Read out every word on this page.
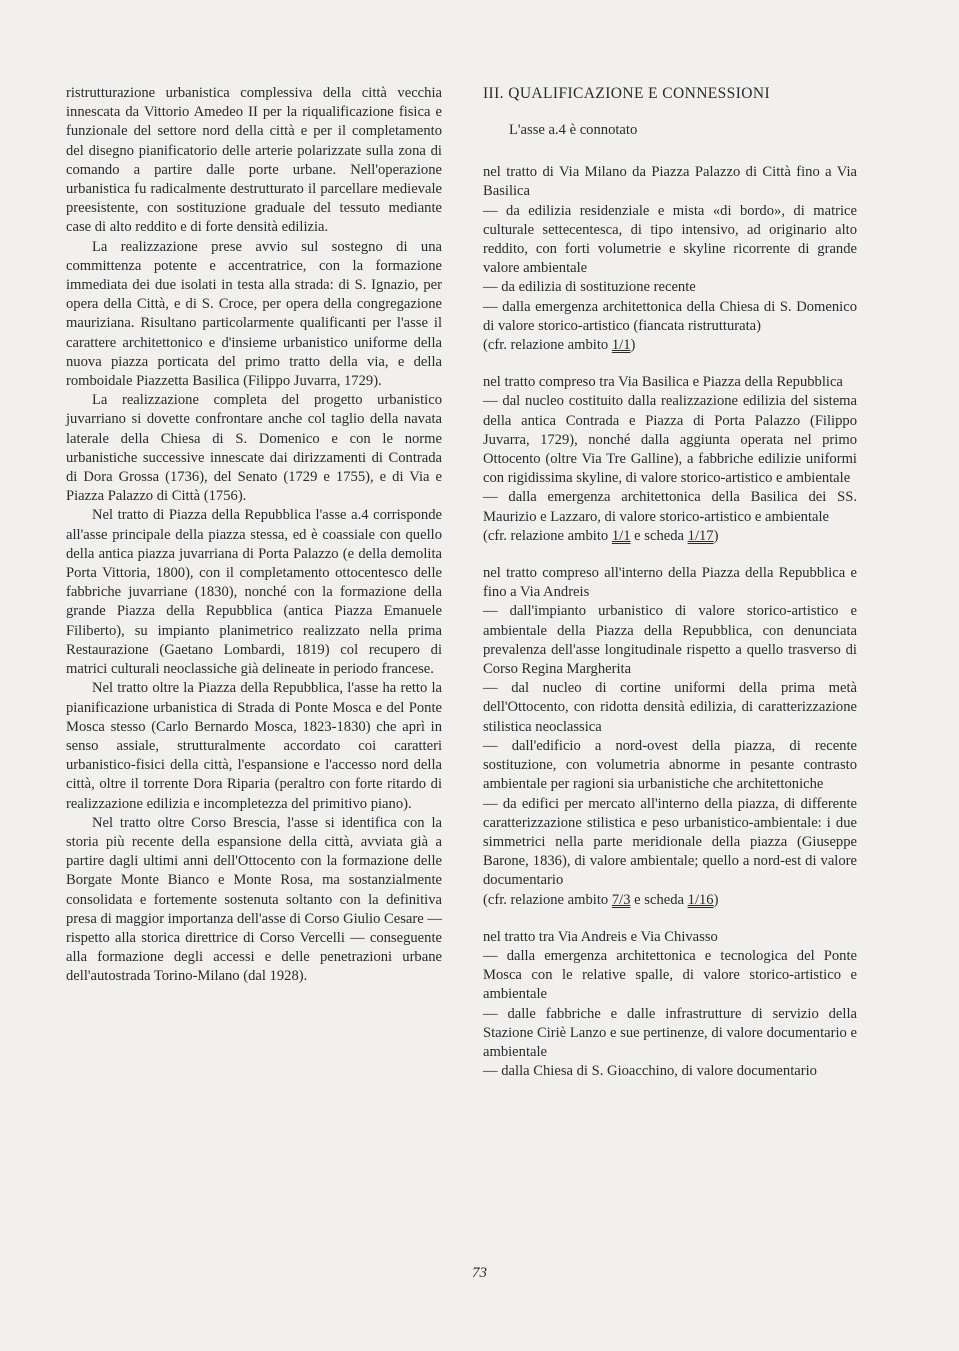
ristrutturazione urbanistica complessiva della città vecchia innescata da Vittorio Amedeo II per la riqualificazione fisica e funzionale del settore nord della città e per il completamento del disegno pianificatorio delle arterie polarizzate sulla zona di comando a partire dalle porte urbane. Nell'operazione urbanistica fu radicalmente destrutturato il parcellare medievale preesistente, con sostituzione graduale del tessuto mediante case di alto reddito e di forte densità edilizia.

La realizzazione prese avvio sul sostegno di una committenza potente e accentratrice, con la formazione immediata dei due isolati in testa alla strada: di S. Ignazio, per opera della Città, e di S. Croce, per opera della congregazione mauriziana. Risultano particolarmente qualificanti per l'asse il carattere architettonico e d'insieme urbanistico uniforme della nuova piazza porticata del primo tratto della via, e della romboidale Piazzetta Basilica (Filippo Juvarra, 1729).

La realizzazione completa del progetto urbanistico juvarriano si dovette confrontare anche col taglio della navata laterale della Chiesa di S. Domenico e con le norme urbanistiche successive innescate dai dirizzamenti di Contrada di Dora Grossa (1736), del Senato (1729 e 1755), e di Via e Piazza Palazzo di Città (1756).

Nel tratto di Piazza della Repubblica l'asse a.4 corrisponde all'asse principale della piazza stessa, ed è coassiale con quello della antica piazza juvarriana di Porta Palazzo (e della demolita Porta Vittoria, 1800), con il completamento ottocentesco delle fabbriche juvarriane (1830), nonché con la formazione della grande Piazza della Repubblica (antica Piazza Emanuele Filiberto), su impianto planimetrico realizzato nella prima Restaurazione (Gaetano Lombardi, 1819) col recupero di matrici culturali neoclassiche già delineate in periodo francese.

Nel tratto oltre la Piazza della Repubblica, l'asse ha retto la pianificazione urbanistica di Strada di Ponte Mosca e del Ponte Mosca stesso (Carlo Bernardo Mosca, 1823-1830) che aprì in senso assiale, strutturalmente accordato coi caratteri urbanistico-fisici della città, l'espansione e l'accesso nord della città, oltre il torrente Dora Riparia (peraltro con forte ritardo di realizzazione edilizia e incompletezza del primitivo piano).

Nel tratto oltre Corso Brescia, l'asse si identifica con la storia più recente della espansione della città, avviata già a partire dagli ultimi anni dell'Ottocento con la formazione delle Borgate Monte Bianco e Monte Rosa, ma sostanzialmente consolidata e fortemente sostenuta soltanto con la definitiva presa di maggior importanza dell'asse di Corso Giulio Cesare — rispetto alla storica direttrice di Corso Vercelli — conseguente alla formazione degli accessi e delle penetrazioni urbane dell'autostrada Torino-Milano (dal 1928).

III. QUALIFICAZIONE E CONNESSIONI

L'asse a.4 è connotato

nel tratto di Via Milano da Piazza Palazzo di Città fino a Via Basilica

— da edilizia residenziale e mista «di bordo», di matrice culturale settecentesca, di tipo intensivo, ad originario alto reddito, con forti volumetrie e skyline ricorrente di grande valore ambientale

— da edilizia di sostituzione recente

— dalla emergenza architettonica della Chiesa di S. Domenico di valore storico-artistico (fiancata ristrutturata)

(cfr. relazione ambito 1/1)

nel tratto compreso tra Via Basilica e Piazza della Repubblica

— dal nucleo costituito dalla realizzazione edilizia del sistema della antica Contrada e Piazza di Porta Palazzo (Filippo Juvarra, 1729), nonché dalla aggiunta operata nel primo Ottocento (oltre Via Tre Galline), a fabbriche edilizie uniformi con rigidissima skyline, di valore storico-artistico e ambientale

— dalla emergenza architettonica della Basilica dei SS. Maurizio e Lazzaro, di valore storico-artistico e ambientale

(cfr. relazione ambito 1/1 e scheda 1/17)

nel tratto compreso all'interno della Piazza della Repubblica e fino a Via Andreis

— dall'impianto urbanistico di valore storico-artistico e ambientale della Piazza della Repubblica, con denunciata prevalenza dell'asse longitudinale rispetto a quello trasverso di Corso Regina Margherita

— dal nucleo di cortine uniformi della prima metà dell'Ottocento, con ridotta densità edilizia, di caratterizzazione stilistica neoclassica

— dall'edificio a nord-ovest della piazza, di recente sostituzione, con volumetria abnorme in pesante contrasto ambientale per ragioni sia urbanistiche che architettoniche

— da edifici per mercato all'interno della piazza, di differente caratterizzazione stilistica e peso urbanistico-ambientale: i due simmetrici nella parte meridionale della piazza (Giuseppe Barone, 1836), di valore ambientale; quello a nord-est di valore documentario

(cfr. relazione ambito 7/3 e scheda 1/16)

nel tratto tra Via Andreis e Via Chivasso

— dalla emergenza architettonica e tecnologica del Ponte Mosca con le relative spalle, di valore storico-artistico e ambientale

— dalle fabbriche e dalle infrastrutture di servizio della Stazione Ciriè Lanzo e sue pertinenze, di valore documentario e ambientale

— dalla Chiesa di S. Gioacchino, di valore documentario

73
